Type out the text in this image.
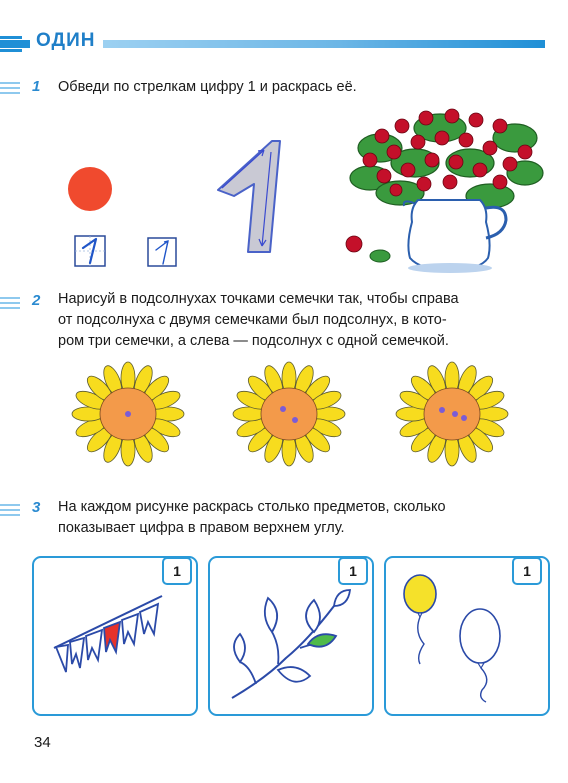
ОДИН
1 Обведи по стрелкам цифру 1 и раскрась её.
2 Нарисуй в подсолнухах точками семечки так, чтобы справа
от подсолнуха с двумя семечками был подсолнух, в кото-
ром три семечки, а слева — подсолнух с одной семечкой.
3 На каждом рисунке раскрась столько предметов, сколько
показывает цифра в правом верхнем углу.
1	1	1
34
